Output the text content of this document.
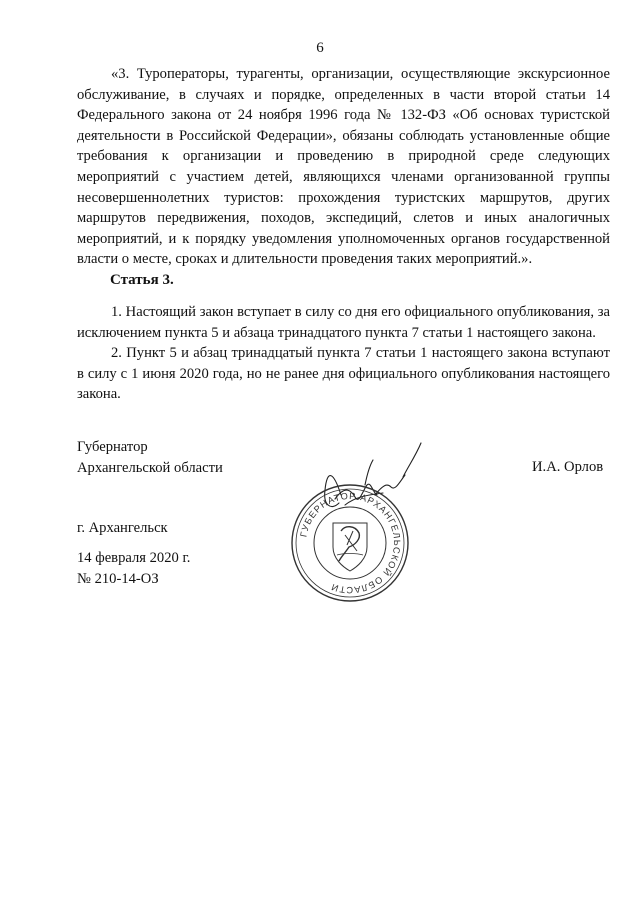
6

«3. Туроператоры, турагенты, организации, осуществляющие экскурсионное обслуживание, в случаях и порядке, определенных в части второй статьи 14 Федерального закона от 24 ноября 1996 года № 132-ФЗ «Об основах туристской деятельности в Российской Федерации», обязаны соблюдать установленные общие требования к организации и проведению в природной среде следующих мероприятий с участием детей, являющихся членами организованной группы несовершеннолетних туристов: прохождения туристских маршрутов, других маршрутов передвижения, походов, экспедиций, слетов и иных аналогичных мероприятий, и к порядку уведомления уполномоченных органов государственной власти о месте, сроках и длительности проведения таких мероприятий.».

Статья 3.

1. Настоящий закон вступает в силу со дня его официального опубликования, за исключением пункта 5 и абзаца тринадцатого пункта 7 статьи 1 настоящего закона.

2. Пункт 5 и абзац тринадцатый пункта 7 статьи 1 настоящего закона вступают в силу с 1 июня 2020 года, но не ранее дня официального опубликования настоящего закона.

Губернатор
Архангельской области	И.А. Орлов
ГУБЕРНАТОР АРХАНГЕЛЬСКОЙ ОБЛАСТИ
г. Архангельск
14 февраля 2020 г.
№ 210-14-ОЗ
